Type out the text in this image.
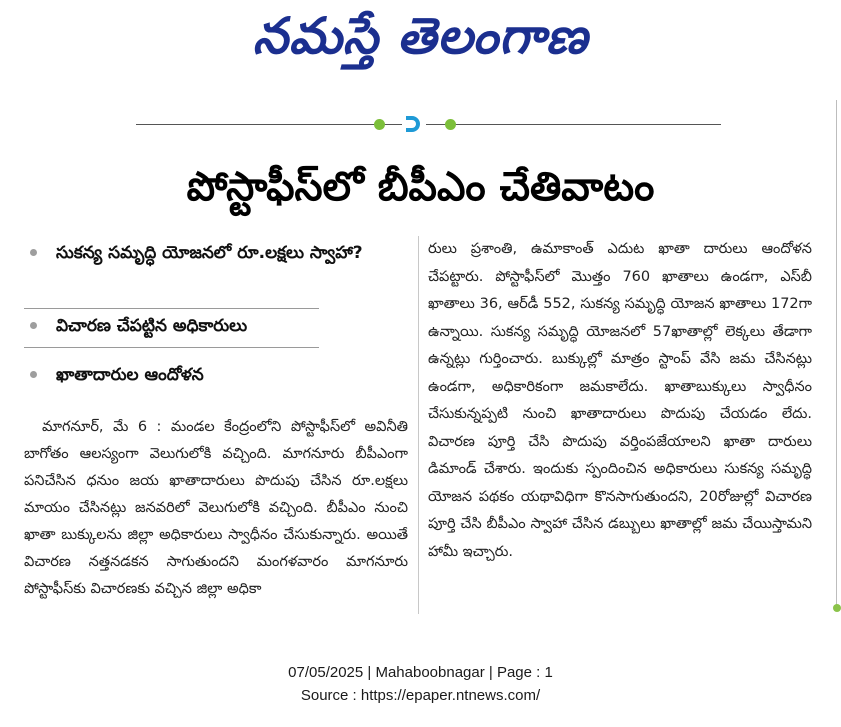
నమస్తే తెలంగాణ
పోస్టాఫీస్‌లో బీపీఎం చేతివాటం
సుకన్య సమృద్ధి యోజనలో రూ.లక్షలు స్వాహా?
విచారణ చేపట్టిన అధికారులు
ఖాతాదారుల ఆందోళన
మాగనూర్, మే 6 : మండల కేంద్రంలోని పోస్టాఫీస్‌లో అవినీతి బాగోతం ఆలస్యంగా వెలుగులోకి వచ్చింది. మాగనూరు బీపీఎంగా పనిచేసిన ధనుం జయ ఖాతాదారులు పొదుపు చేసిన రూ.లక్షలు మాయం చేసినట్లు జనవరిలో వెలుగులోకి వచ్చింది. బీపీఎం నుంచి ఖాతా బుక్కులను జిల్లా అధికారులు స్వాధీనం చేసుకున్నారు. అయితే విచారణ నత్తనడకన సాగుతుందని మంగళవారం మాగనూరు పోస్టాఫీస్‌కు విచారణకు వచ్చిన జిల్లా అధికా
రులు ప్రశాంతి, ఉమాకాంత్ ఎదుట ఖాతా దారులు ఆందోళన చేపట్టారు. పోస్టాఫీస్‌లో మొత్తం 760 ఖాతాలు ఉండగా, ఎస్‌బీ ఖాతాలు 36, ఆర్‌డీ 552, సుకన్య సమృద్ధి యోజన ఖాతాలు 172గా ఉన్నాయి. సుకన్య సమృద్ధి యోజనలో 57ఖాతాల్లో లెక్కలు తేడాగా ఉన్నట్లు గుర్తించారు. బుక్కుల్లో మాత్రం స్టాంప్ వేసి జమ చేసినట్లు ఉండగా, అధికారికంగా జమకాలేదు. ఖాతాబుక్కులు స్వాధీనం చేసుకున్నప్పటి నుంచి ఖాతాదారులు పొదుపు చేయడం లేదు. విచారణ పూర్తి చేసి పొదుపు వర్తింపజేయాలని ఖాతా దారులు డిమాండ్ చేశారు. ఇందుకు స్పందించిన అధికారులు సుకన్య సమృద్ధి యోజన పథకం యథావిధిగా కొనసాగుతుందని, 20రోజుల్లో విచారణ పూర్తి చేసి బీపీఎం స్వాహా చేసిన డబ్బులు ఖాతాల్లో జమ చేయిస్తామని హామీ ఇచ్చారు.
07/05/2025 | Mahaboobnagar | Page : 1
Source : https://epaper.ntnews.com/
